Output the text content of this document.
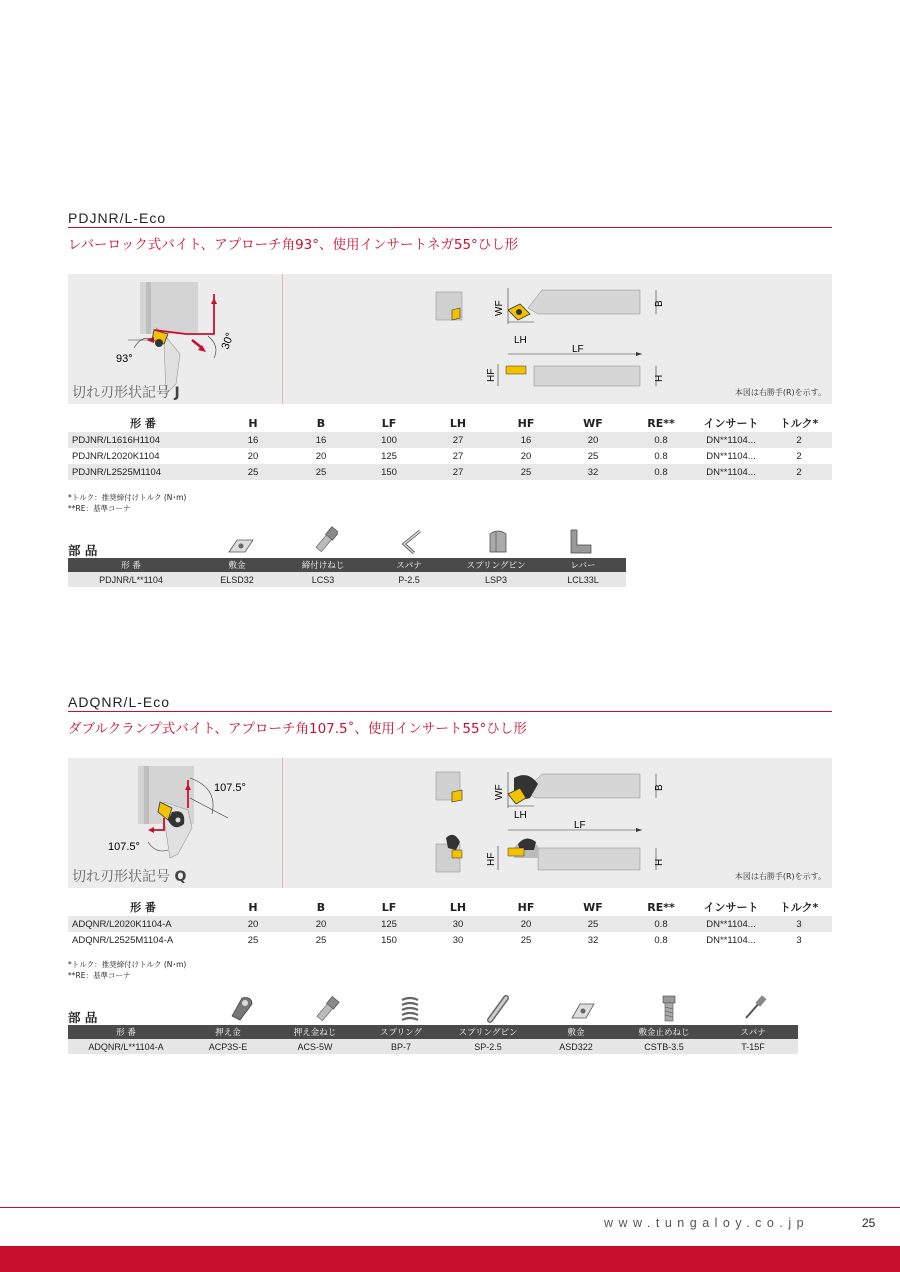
PDJNR/L-Eco
レバーロック式バイト、アプローチ角93°、使用インサートネガ55°ひし形
93°
30°
WF	B
LH
LF
HF	H
切れ刃形状記号 J	本図は右勝手(R)を示す。
形 番	H	B	LF	LH	HF	WF	RE**	インサート	トルク*
PDJNR/L1616H1104	16	16	100	27	16	20	0.8	DN**1104...	2
PDJNR/L2020K1104	20	20	125	27	20	25	0.8	DN**1104...	2
PDJNR/L2525M1104	25	25	150	27	25	32	0.8	DN**1104...	2
*トルク：推奨締付けトルク (N･m)
**RE：基準コーナ
部 品
形 番	敷金	締付けねじ	スパナ	スプリングピン	レバー
PDJNR/L**1104	ELSD32	LCS3	P-2.5	LSP3	LCL33L
ADQNR/L-Eco
ダブルクランプ式バイト、アプローチ角107.5˚、使用インサート55°ひし形
107.5°
107.5°
WF	B
LH
LF
HF	H
切れ刃形状記号 Q	本図は右勝手(R)を示す。
形 番	H	B	LF	LH	HF	WF	RE**	インサート	トルク*
ADQNR/L2020K1104-A	20	20	125	30	20	25	0.8	DN**1104...	3
ADQNR/L2525M1104-A	25	25	150	30	25	32	0.8	DN**1104...	3
*トルク：推奨締付けトルク (N･m)
**RE：基準コーナ
部 品
形 番	押え金	押え金ねじ	スプリング	スプリングピン	敷金	敷金止めねじ	スパナ
ADQNR/L**1104-A	ACP3S-E	ACS-5W	BP-7	SP-2.5	ASD322	CSTB-3.5	T-15F
www.tungaloy.co.jp	25
